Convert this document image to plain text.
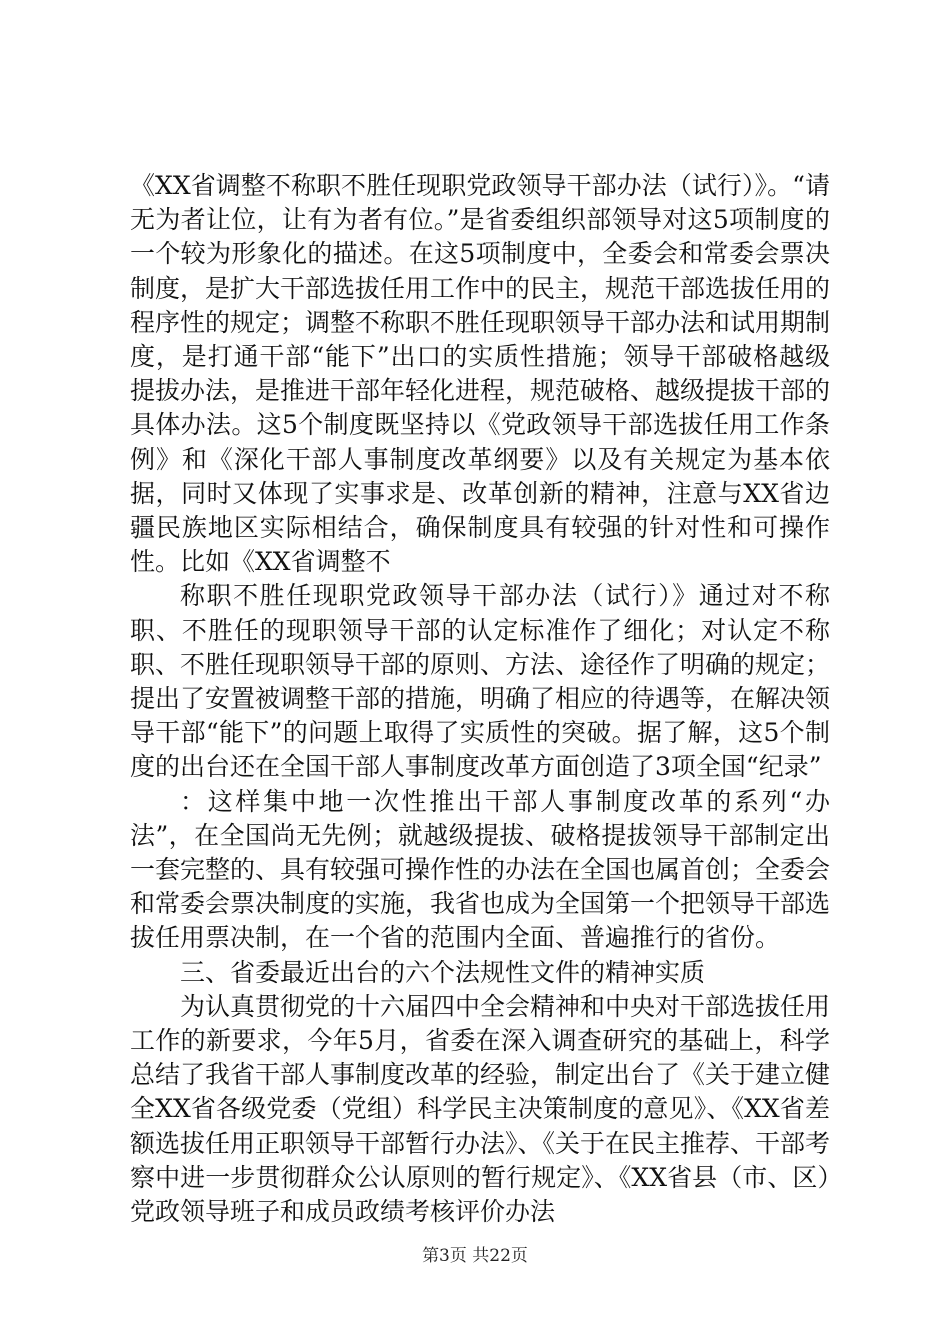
《XX省调整不称职不胜任现职党政领导干部办法（试行）》。“请无为者让位，让有为者有位。”是省委组织部领导对这5项制度的一个较为形象化的描述。在这5项制度中，全委会和常委会票决制度，是扩大干部选拔任用工作中的民主，规范干部选拔任用的程序性的规定；调整不称职不胜任现职领导干部办法和试用期制度，是打通干部“能下”出口的实质性措施；领导干部破格越级提拔办法，是推进干部年轻化进程，规范破格、越级提拔干部的具体办法。这5个制度既坚持以《党政领导干部选拔任用工作条例》和《深化干部人事制度改革纲要》以及有关规定为基本依据，同时又体现了实事求是、改革创新的精神，注意与XX省边疆民族地区实际相结合，确保制度具有较强的针对性和可操作性。比如《XX省调整不

称职不胜任现职党政领导干部办法（试行）》通过对不称职、不胜任的现职领导干部的认定标准作了细化；对认定不称职、不胜任现职领导干部的原则、方法、途径作了明确的规定；提出了安置被调整干部的措施，明确了相应的待遇等，在解决领导干部“能下”的问题上取得了实质性的突破。据了解，这5个制度的出台还在全国干部人事制度改革方面创造了3项全国“纪录”

：这样集中地一次性推出干部人事制度改革的系列“办法”，在全国尚无先例；就越级提拔、破格提拔领导干部制定出一套完整的、具有较强可操作性的办法在全国也属首创；全委会和常委会票决制度的实施，我省也成为全国第一个把领导干部选拔任用票决制，在一个省的范围内全面、普遍推行的省份。

三、省委最近出台的六个法规性文件的精神实质

为认真贯彻党的十六届四中全会精神和中央对干部选拔任用工作的新要求，今年5月，省委在深入调查研究的基础上，科学总结了我省干部人事制度改革的经验，制定出台了《关于建立健全XX省各级党委（党组）科学民主决策制度的意见》、《XX省差额选拔任用正职领导干部暂行办法》、《关于在民主推荐、干部考察中进一步贯彻群众公认原则的暂行规定》、《XX省县（市、区）党政领导班子和成员政绩考核评价办法

第3页 共22页
